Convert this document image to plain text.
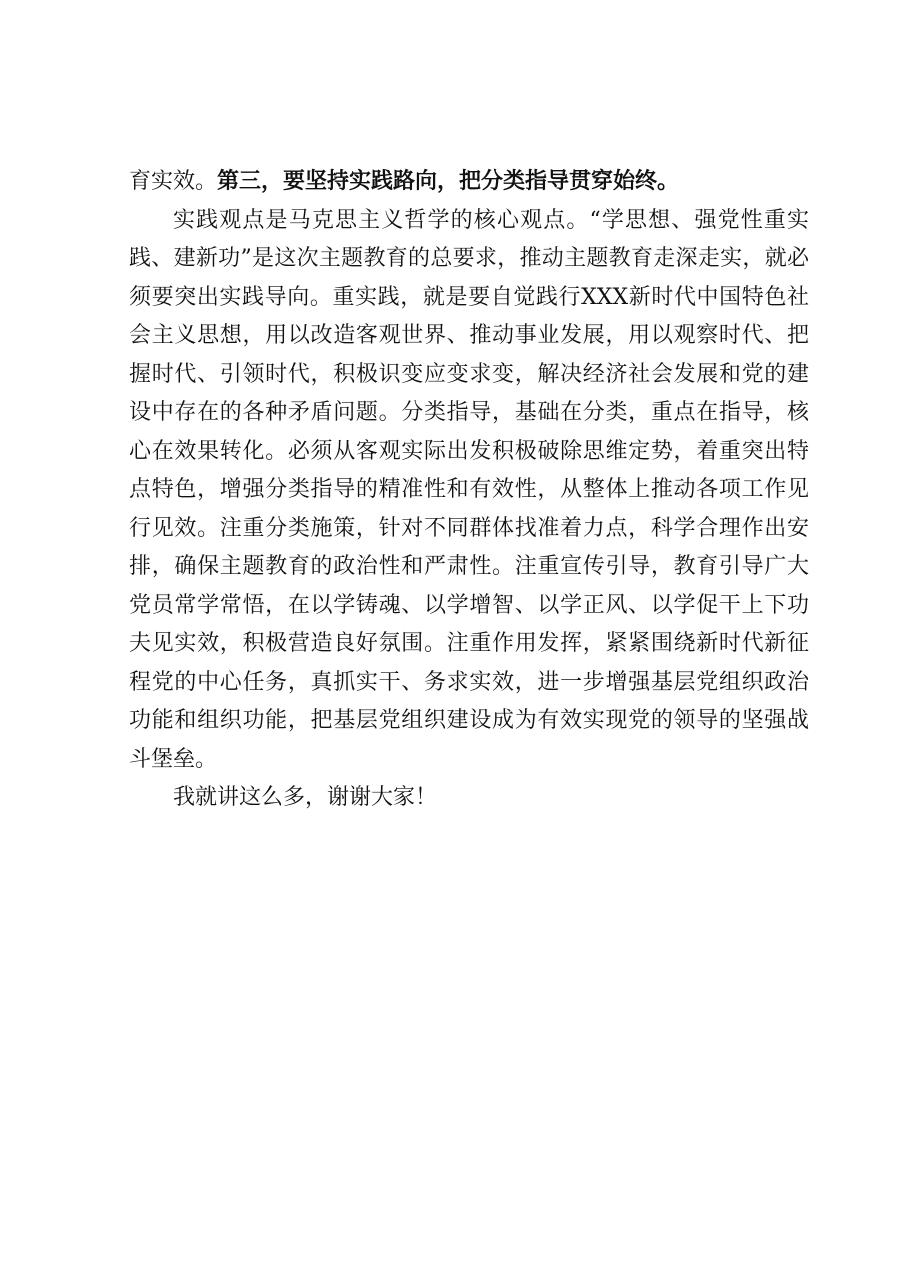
育实效。第三，要坚持实践路向，把分类指导贯穿始终。

实践观点是马克思主义哲学的核心观点。“学思想、强党性重实践、建新功”是这次主题教育的总要求，推动主题教育走深走实，就必须要突出实践导向。重实践，就是要自觉践行XXX新时代中国特色社会主义思想，用以改造客观世界、推动事业发展，用以观察时代、把握时代、引领时代，积极识变应变求变，解决经济社会发展和党的建设中存在的各种矛盾问题。分类指导，基础在分类，重点在指导，核心在效果转化。必须从客观实际出发积极破除思维定势，着重突出特点特色，增强分类指导的精准性和有效性，从整体上推动各项工作见行见效。注重分类施策，针对不同群体找准着力点，科学合理作出安排，确保主题教育的政治性和严肃性。注重宣传引导，教育引导广大党员常学常悟，在以学铸魂、以学增智、以学正风、以学促干上下功夫见实效，积极营造良好氛围。注重作用发挥，紧紧围绕新时代新征程党的中心任务，真抓实干、务求实效，进一步增强基层党组织政治功能和组织功能，把基层党组织建设成为有效实现党的领导的坚强战斗堡垒。

我就讲这么多，谢谢大家！
